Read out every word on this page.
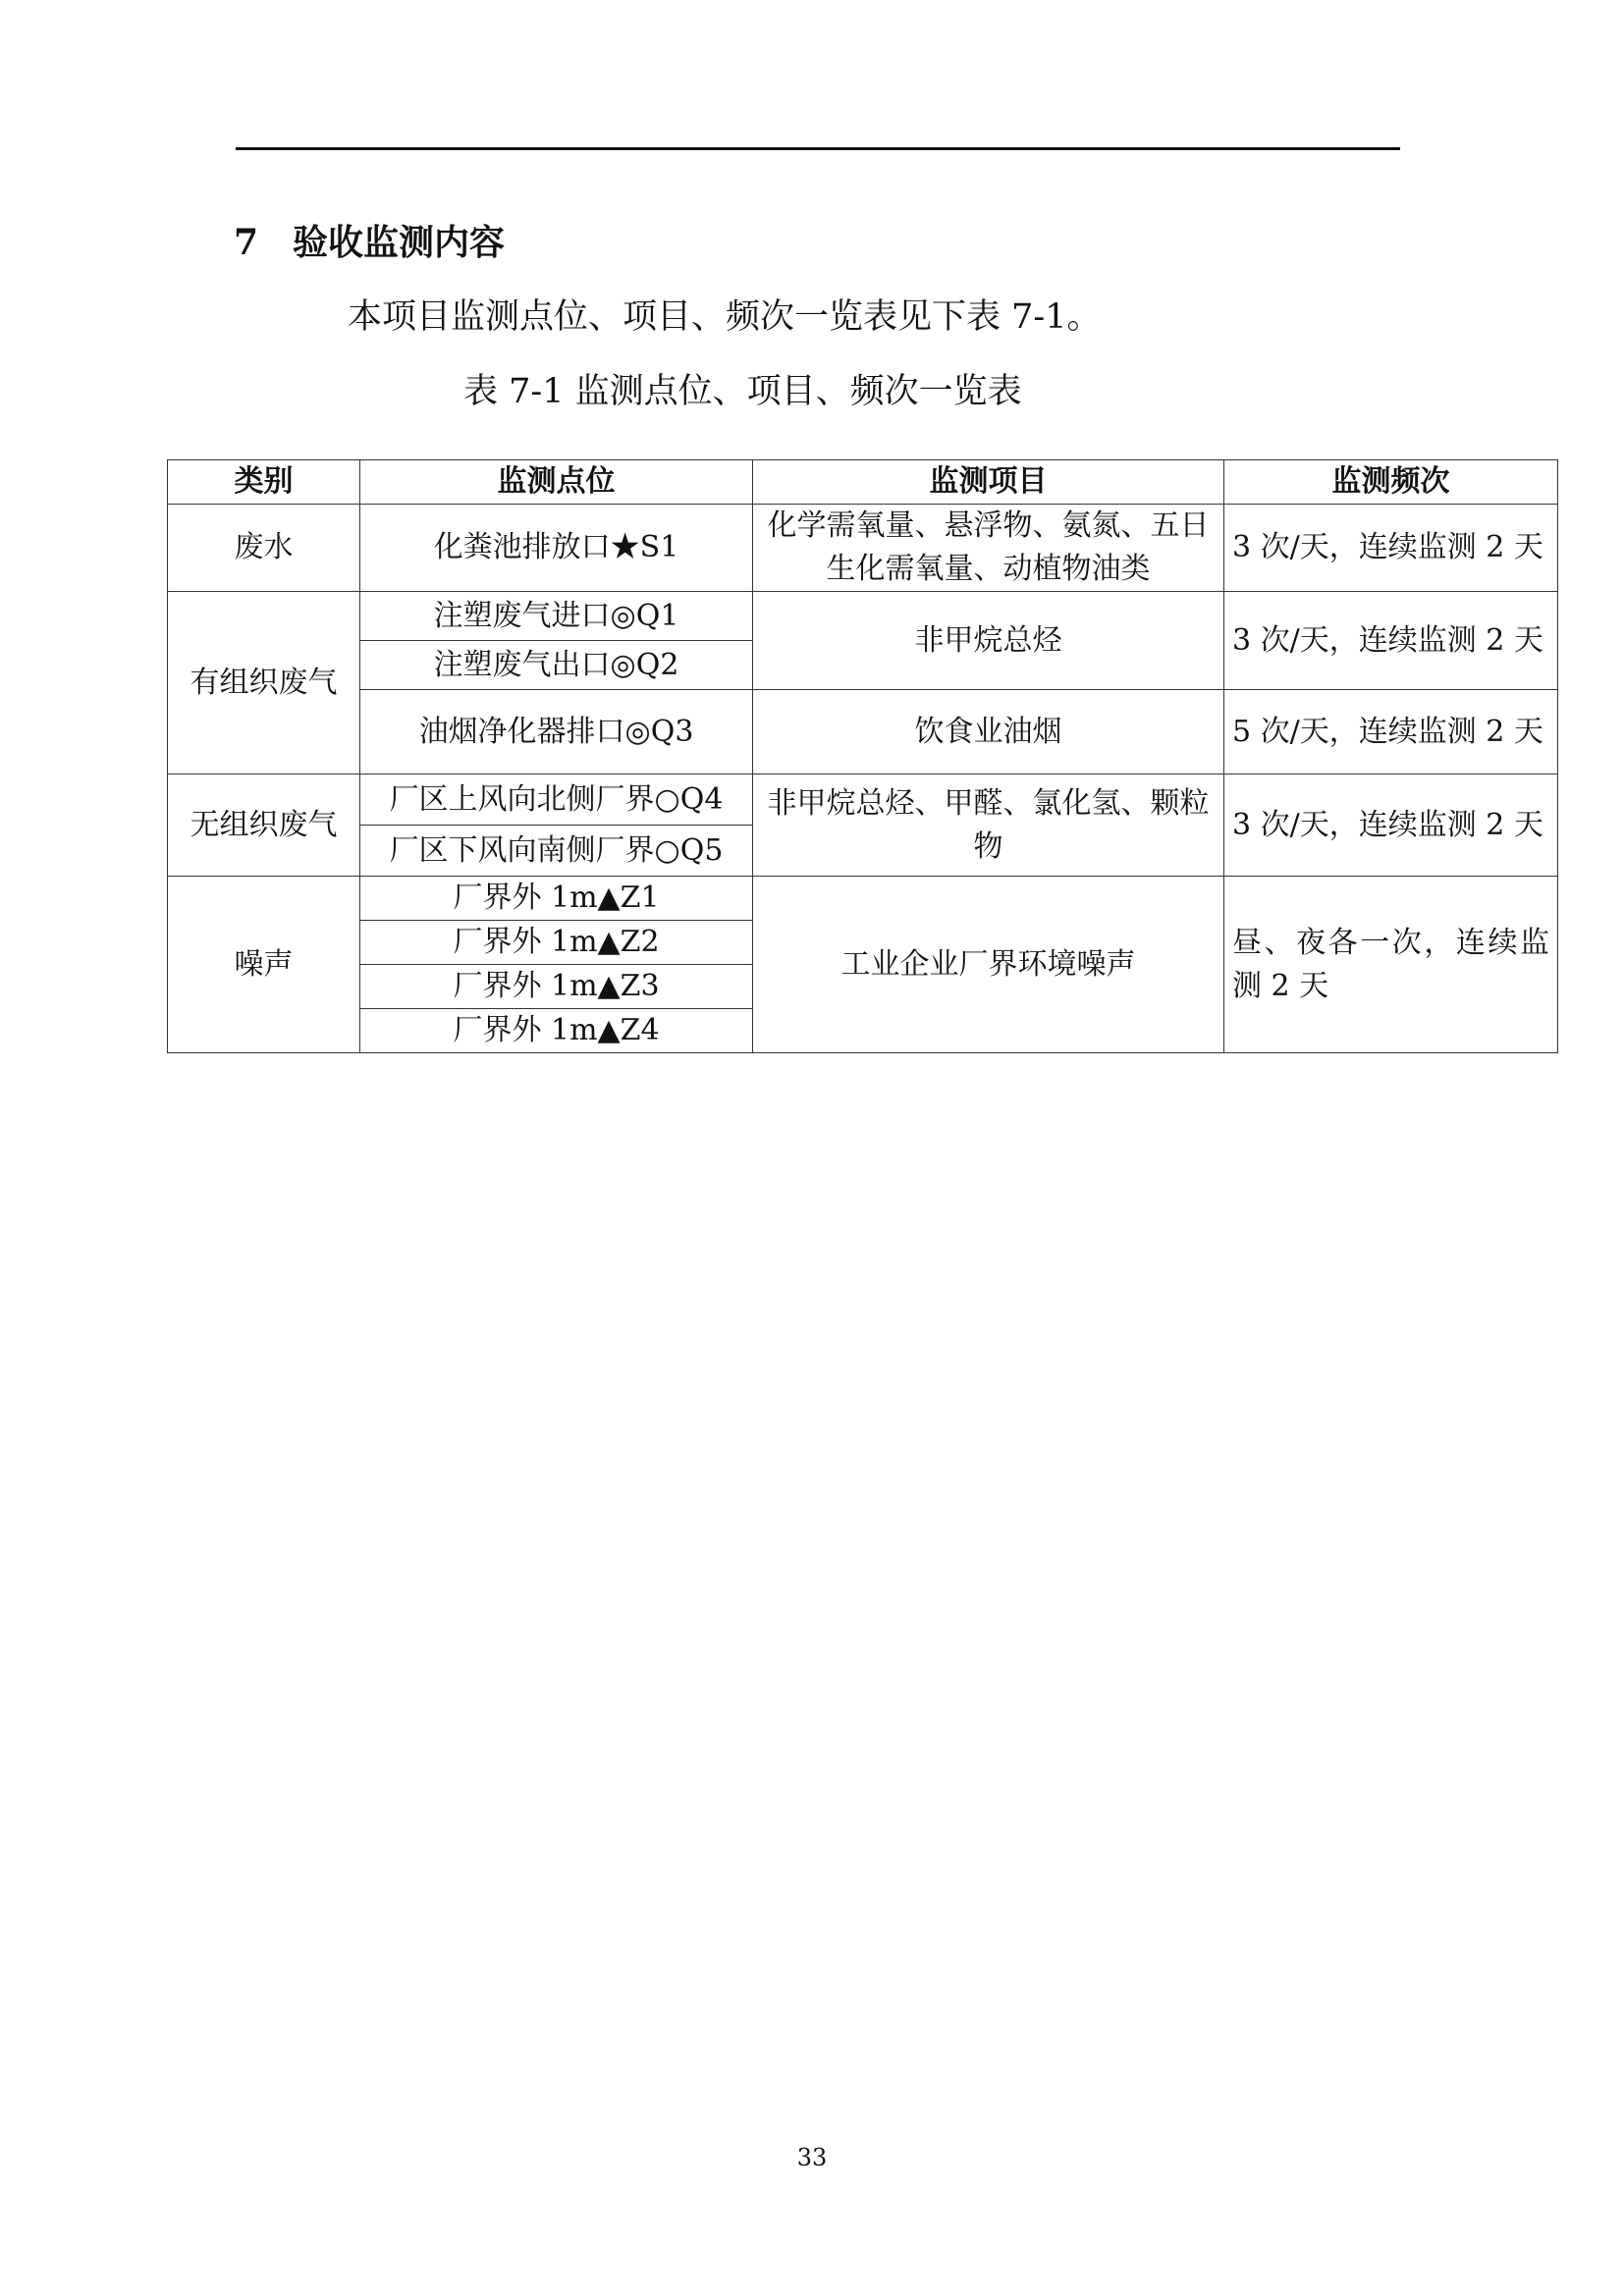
7 验收监测内容

本项目监测点位、项目、频次一览表见下表 7-1。

表 7-1 监测点位、项目、频次一览表

类别	监测点位	监测项目	监测频次
废水	化粪池排放口★S1	化学需氧量、悬浮物、氨氮、五日生化需氧量、动植物油类	3 次/天，连续监测 2 天
有组织废气	注塑废气进口◎Q1	非甲烷总烃	3 次/天，连续监测 2 天
	注塑废气出口◎Q2		
	油烟净化器排口◎Q3	饮食业油烟	5 次/天，连续监测 2 天
无组织废气	厂区上风向北侧厂界○Q4	非甲烷总烃、甲醛、氯化氢、颗粒物	3 次/天，连续监测 2 天
	厂区下风向南侧厂界○Q5		
噪声	厂界外 1m▲Z1	工业企业厂界环境噪声	昼、夜各一次，连续监测 2 天
	厂界外 1m▲Z2		
	厂界外 1m▲Z3		
	厂界外 1m▲Z4		

33
